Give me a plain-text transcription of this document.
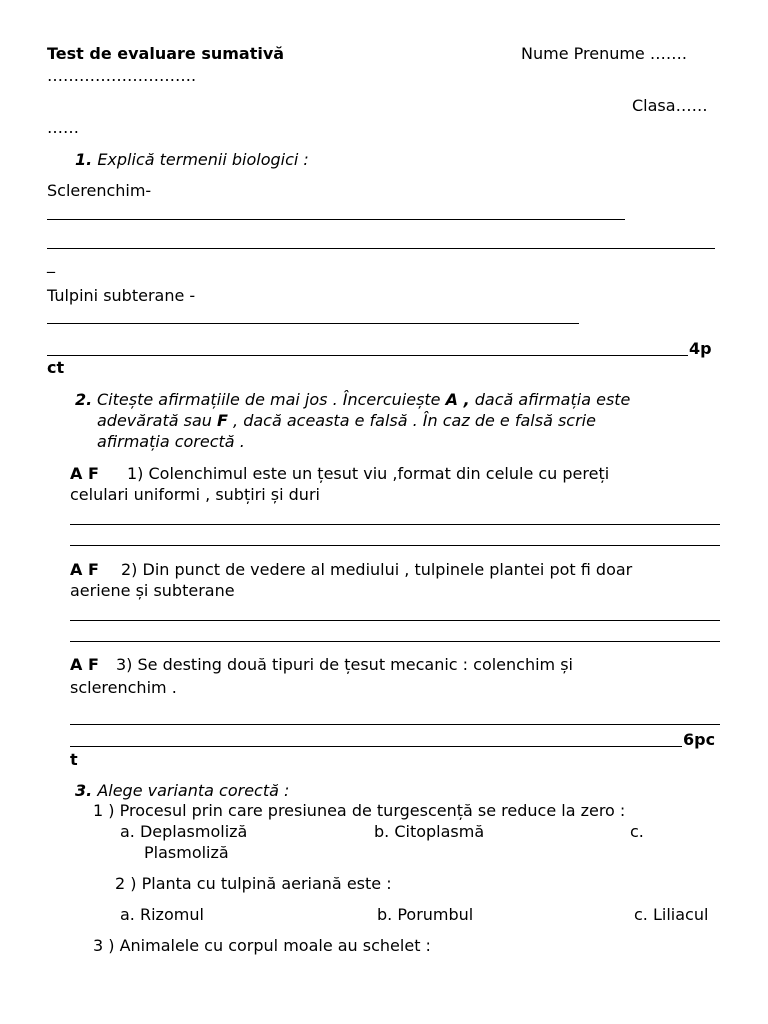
Test de evaluare sumativă	Nume Prenume …….
……………………….
Clasa……
……
1. Explică termenii biologici :
Sclerenchim-
_
Tulpini subterane -
4p
ct
2. Citește afirmațiile de mai jos . Încercuiește A , dacă afirmația este
adevărată sau F , dacă aceasta e falsă . În caz de e falsă scrie
afirmația corectă .
A F 1) Colenchimul este un țesut viu ,format din celule cu pereți
celulari uniformi , subțiri și duri
A F 2) Din punct de vedere al mediului , tulpinele plantei pot fi doar
aeriene și subterane
A F 3) Se desting două tipuri de țesut mecanic : colenchim și
sclerenchim .
6pc
t
3. Alege varianta corectă :
1 ) Procesul prin care presiunea de turgescență se reduce la zero :
a. Deplasmoliză	b. Citoplasmă	c.
Plasmoliză
2 ) Planta cu tulpină aeriană este :
a. Rizomul	b. Porumbul	c. Liliacul
3 ) Animalele cu corpul moale au schelet :
